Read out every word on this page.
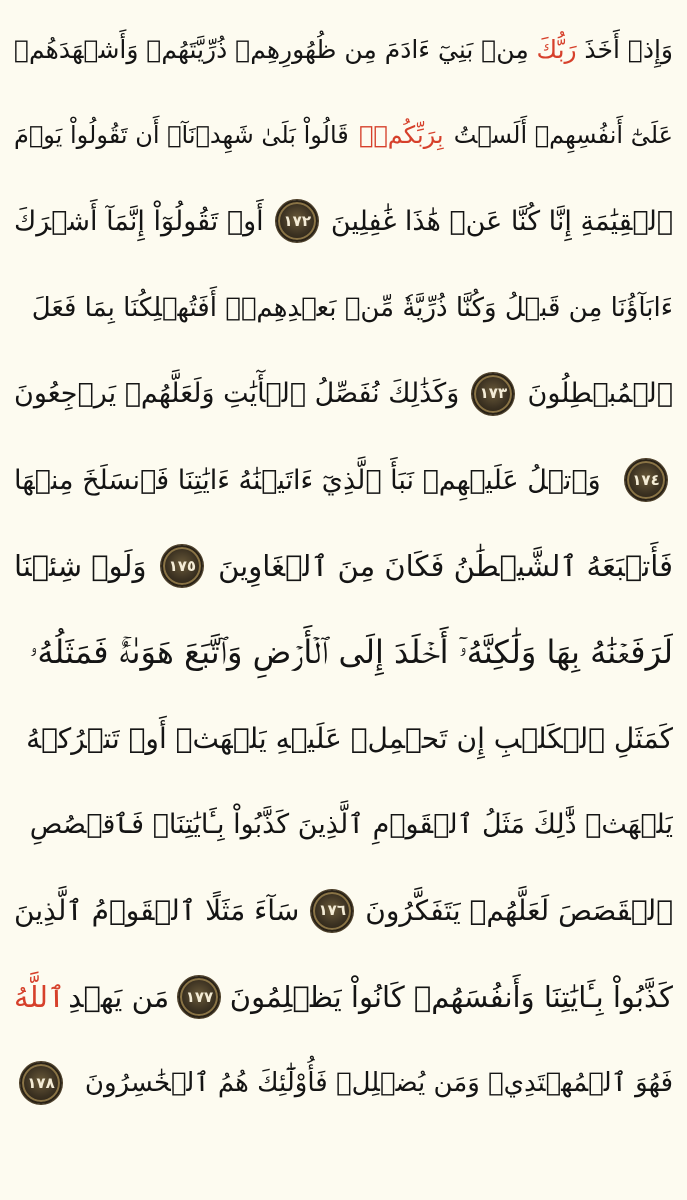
وَإِذۡ أَخَذَ
رَبُّكَ
مِنۢ بَنِيٓ ءَادَمَ مِن ظُهُورِهِمۡ ذُرِّيَّتَهُمۡ وَأَشۡهَدَهُمۡ
عَلَىٰٓ أَنفُسِهِمۡ أَلَسۡتُ
بِرَبِّكُمۡۖ
قَالُواْ بَلَىٰ شَهِدۡنَآۚ أَن تَقُولُواْ يَوۡمَ
ٱلۡقِيَٰمَةِ إِنَّا كُنَّا عَنۡ هَٰذَا غَٰفِلِينَ
١٧٢
أَوۡ تَقُولُوٓاْ إِنَّمَآ أَشۡرَكَ
ءَابَآؤُنَا مِن قَبۡلُ وَكُنَّا ذُرِّيَّةٗ مِّنۢ بَعۡدِهِمۡۖ أَفَتُهۡلِكُنَا بِمَا فَعَلَ
ٱلۡمُبۡطِلُونَ
١٧٣
وَكَذَٰلِكَ نُفَصِّلُ ٱلۡأٓيَٰتِ وَلَعَلَّهُمۡ يَرۡجِعُونَ
١٧٤
وَٱتۡلُ عَلَيۡهِمۡ نَبَأَ ٱلَّذِيٓ ءَاتَيۡنَٰهُ ءَايَٰتِنَا فَٱنسَلَخَ مِنۡهَا
فَأَتۡبَعَهُ ٱلشَّيۡطَٰنُ فَكَانَ مِنَ ٱلۡغَاوِينَ
١٧٥
وَلَوۡ شِئۡنَا
لَرَفَعۡنَٰهُ بِهَا وَلَٰكِنَّهُۥٓ أَخۡلَدَ إِلَى ٱلۡأَرۡضِ وَٱتَّبَعَ هَوَىٰهُۚ فَمَثَلُهُۥ
كَمَثَلِ ٱلۡكَلۡبِ إِن تَحۡمِلۡ عَلَيۡهِ يَلۡهَثۡ أَوۡ تَتۡرُكۡهُ
يَلۡهَثۚ ذَّٰلِكَ مَثَلُ ٱلۡقَوۡمِ ٱلَّذِينَ كَذَّبُواْ بِـَٔايَٰتِنَاۚ فَٱقۡصُصِ
ٱلۡقَصَصَ لَعَلَّهُمۡ يَتَفَكَّرُونَ
١٧٦
سَآءَ مَثَلًا ٱلۡقَوۡمُ ٱلَّذِينَ
كَذَّبُواْ بِـَٔايَٰتِنَا وَأَنفُسَهُمۡ كَانُواْ يَظۡلِمُونَ
١٧٧
مَن يَهۡدِ
ٱللَّهُ
فَهُوَ ٱلۡمُهۡتَدِيۖ وَمَن يُضۡلِلۡ فَأُوْلَٰٓئِكَ هُمُ ٱلۡخَٰسِرُونَ
١٧٨
